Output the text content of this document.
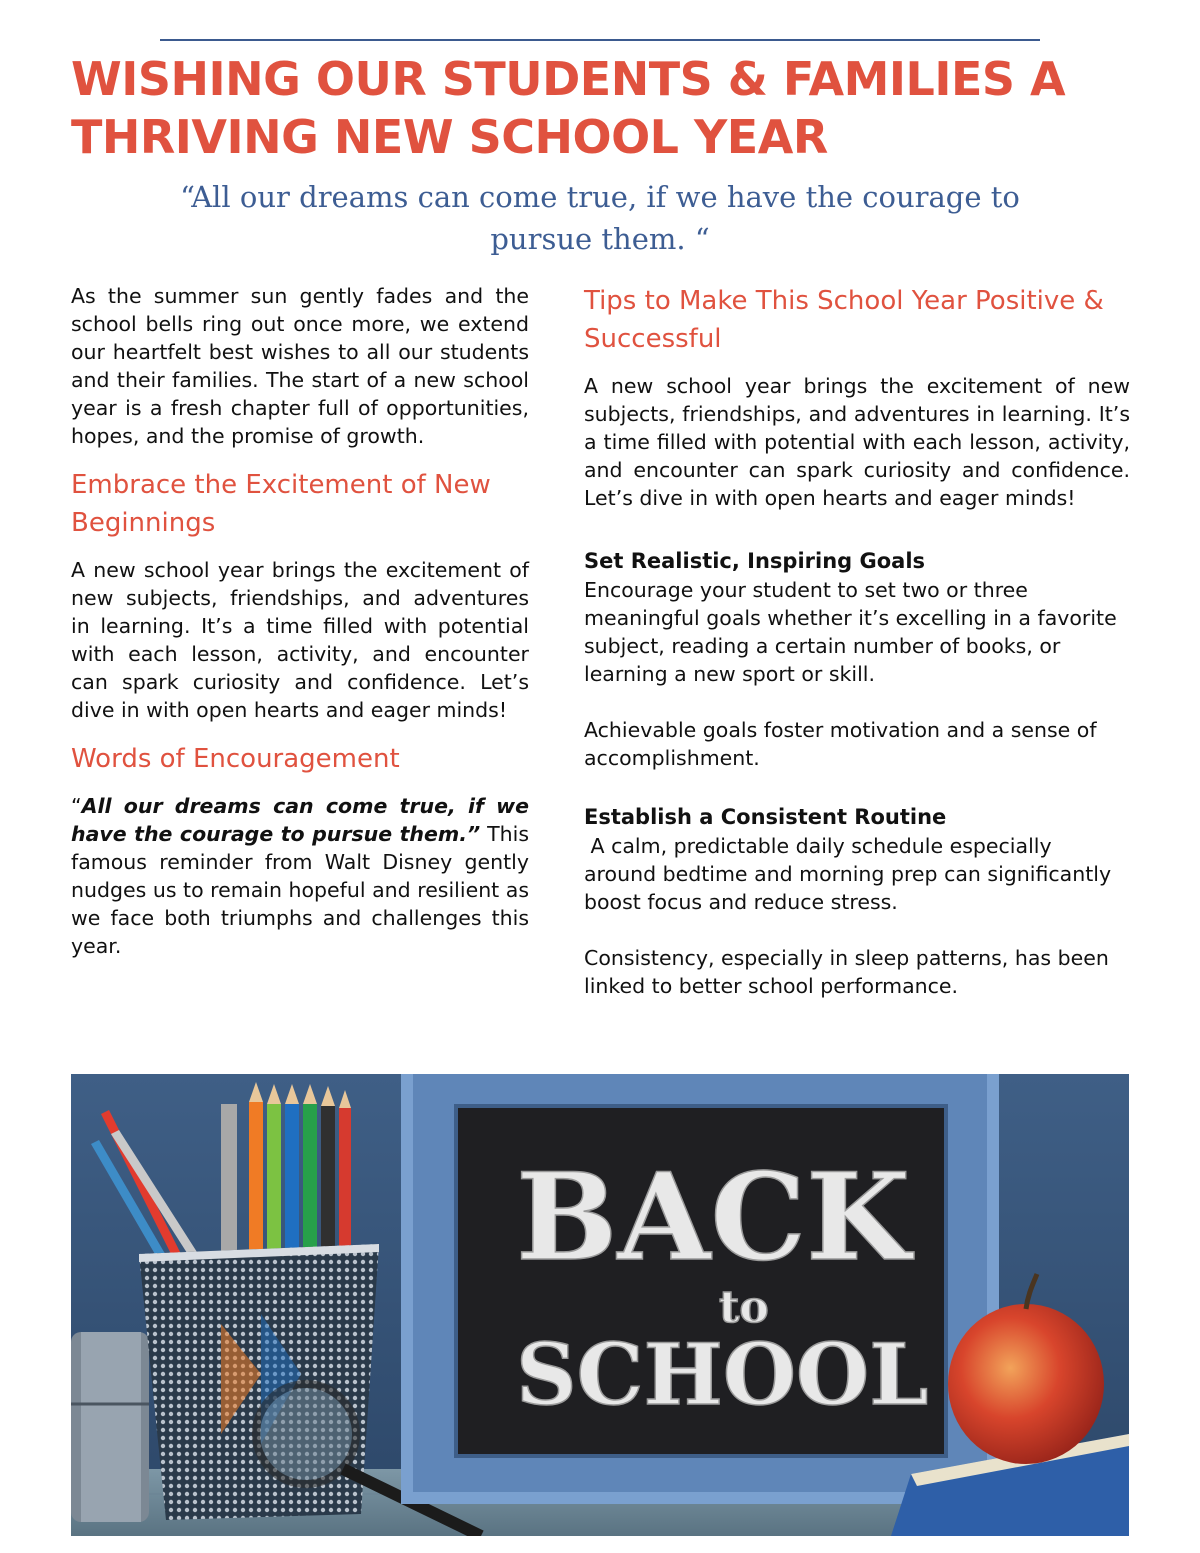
WISHING OUR STUDENTS & FAMILIES A
THRIVING NEW SCHOOL YEAR
“All our dreams can come true, if we have the courage to
pursue them. “

As the summer sun gently fades and the school bells ring out once more, we extend our heartfelt best wishes to all our students and their families. The start of a new school year is a fresh chapter full of opportunities, hopes, and the promise of growth.

Embrace the Excitement of New Beginnings

A new school year brings the excitement of new subjects, friendships, and adventures in learning. It’s a time filled with potential with each lesson, activity, and encounter can spark curiosity and confidence. Let’s dive in with open hearts and eager minds!

Words of Encouragement

“All our dreams can come true, if we have the courage to pursue them.” This famous reminder from Walt Disney gently nudges us to remain hopeful and resilient as we face both triumphs and challenges this year.

Tips to Make This School Year Positive & Successful

A new school year brings the excitement of new subjects, friendships, and adventures in learning. It’s a time filled with potential with each lesson, activity, and encounter can spark curiosity and confidence. Let’s dive in with open hearts and eager minds!

Set Realistic, Inspiring Goals

Encourage your student to set two or three meaningful goals whether it’s excelling in a favorite subject, reading a certain number of books, or learning a new sport or skill.

Achievable goals foster motivation and a sense of accomplishment.

Establish a Consistent Routine

A calm, predictable daily schedule especially around bedtime and morning prep can significantly boost focus and reduce stress.

Consistency, especially in sleep patterns, has been linked to better school performance.

BACK
to
SCHOOL
